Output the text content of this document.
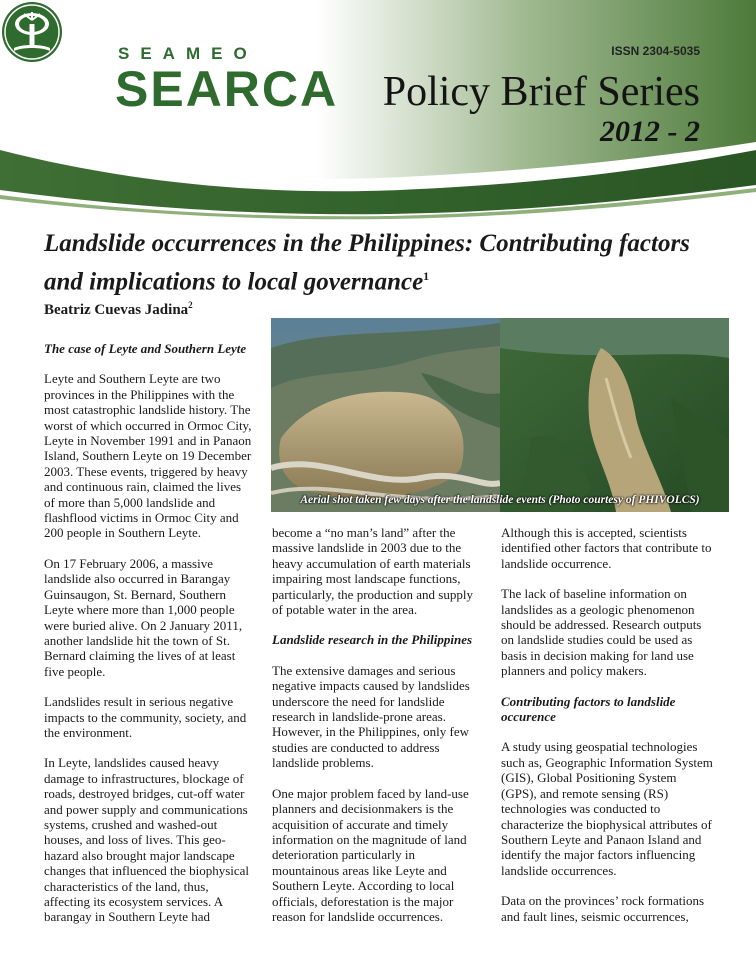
SEAMEO
SEARCA
ISSN 2304-5035
Policy Brief Series
2012 - 2
Landslide occurrences in the Philippines: Contributing factors and implications to local governance$^1$
Beatriz Cuevas Jadina$^2$
Aerial shot taken few days after the landslide events (Photo courtesy of PHIVOLCS)
The case of Leyte and Southern Leyte

Leyte and Southern Leyte are two provinces in the Philippines with the most catastrophic landslide history. The worst of which occurred in Ormoc City, Leyte in November 1991 and in Panaon Island, Southern Leyte on 19 December 2003. These events, triggered by heavy and continuous rain, claimed the lives of more than 5,000 landslide and flashflood victims in Ormoc City and 200 people in Southern Leyte.

On 17 February 2006, a massive landslide also occurred in Barangay Guinsaugon, St. Bernard, Southern Leyte where more than 1,000 people were buried alive. On 2 January 2011, another landslide hit the town of St. Bernard claiming the lives of at least five people.

Landslides result in serious negative impacts to the community, society, and the environment.

In Leyte, landslides caused heavy damage to infrastructures, blockage of roads, destroyed bridges, cut-off water and power supply and communications systems, crushed and washed-out houses, and loss of lives. This geo-hazard also brought major landscape changes that influenced the biophysical characteristics of the land, thus, affecting its ecosystem services. A barangay in Southern Leyte had

become a “no man’s land” after the massive landslide in 2003 due to the heavy accumulation of earth materials impairing most landscape functions, particularly, the production and supply of potable water in the area.

Landslide research in the Philippines

The extensive damages and serious negative impacts caused by landslides underscore the need for landslide research in landslide-prone areas. However, in the Philippines, only few studies are conducted to address landslide problems.

One major problem faced by land-use planners and decisionmakers is the acquisition of accurate and timely information on the magnitude of land deterioration particularly in mountainous areas like Leyte and Southern Leyte. According to local officials, deforestation is the major reason for landslide occurrences.

Although this is accepted, scientists identified other factors that contribute to landslide occurrence.

The lack of baseline information on landslides as a geologic phenomenon should be addressed. Research outputs on landslide studies could be used as basis in decision making for land use planners and policy makers.

Contributing factors to landslide occurence

A study using geospatial technologies such as, Geographic Information System (GIS), Global Positioning System (GPS), and remote sensing (RS) technologies was conducted to characterize the biophysical attributes of Southern Leyte and Panaon Island and identify the major factors influencing landslide occurrences.

Data on the provinces’ rock formations and fault lines, seismic occurrences,
